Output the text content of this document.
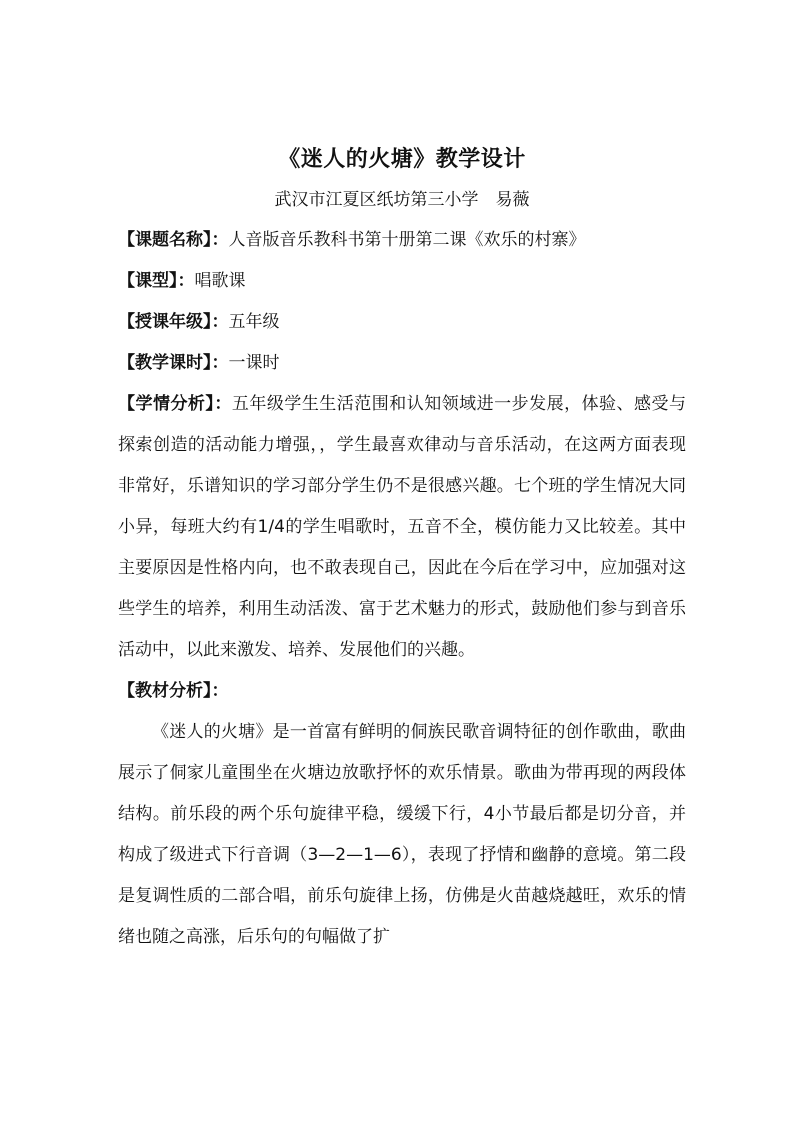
《迷人的火塘》教学设计

武汉市江夏区纸坊第三小学　易薇

【课题名称】：人音版音乐教科书第十册第二课《欢乐的村寨》

【课型】：唱歌课

【授课年级】：五年级

【教学课时】：一课时

【学情分析】：五年级学生生活范围和认知领域进一步发展，体验、感受与探索创造的活动能力增强，，学生最喜欢律动与音乐活动，在这两方面表现非常好，乐谱知识的学习部分学生仍不是很感兴趣。七个班的学生情况大同小异，每班大约有1/4的学生唱歌时，五音不全，模仿能力又比较差。其中主要原因是性格内向，也不敢表现自己，因此在今后在学习中，应加强对这些学生的培养，利用生动活泼、富于艺术魅力的形式，鼓励他们参与到音乐活动中，以此来激发、培养、发展他们的兴趣。

【教材分析】：

《迷人的火塘》是一首富有鲜明的侗族民歌音调特征的创作歌曲，歌曲展示了侗家儿童围坐在火塘边放歌抒怀的欢乐情景。歌曲为带再现的两段体结构。前乐段的两个乐句旋律平稳，缓缓下行，4小节最后都是切分音，并构成了级进式下行音调（3—2—1—6），表现了抒情和幽静的意境。第二段是复调性质的二部合唱，前乐句旋律上扬，仿佛是火苗越烧越旺，欢乐的情绪也随之高涨，后乐句的句幅做了扩
